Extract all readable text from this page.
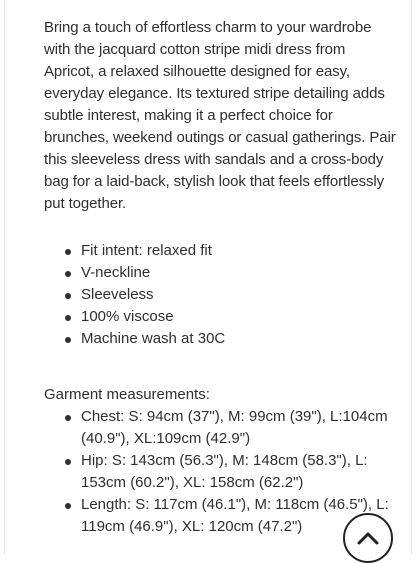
Bring a touch of effortless charm to your wardrobe with the jacquard cotton stripe midi dress from Apricot, a relaxed silhouette designed for easy, everyday elegance. Its textured stripe detailing adds subtle interest, making it a perfect choice for brunches, weekend outings or casual gatherings. Pair this sleeveless dress with sandals and a cross-body bag for a laid-back, stylish look that feels effortlessly put together.

Fit intent: relaxed fit
V-neckline
Sleeveless
100% viscose
Machine wash at 30C
Garment measurements:
Chest: S: 94cm (37"), M: 99cm (39"), L:104cm (40.9"), XL:109cm (42.9")
Hip: S: 143cm (56.3"), M: 148cm (58.3"), L: 153cm (60.2"), XL: 158cm (62.2")
Length: S: 117cm (46.1"), M: 118cm (46.5"), L: 119cm (46.9"), XL: 120cm (47.2")
